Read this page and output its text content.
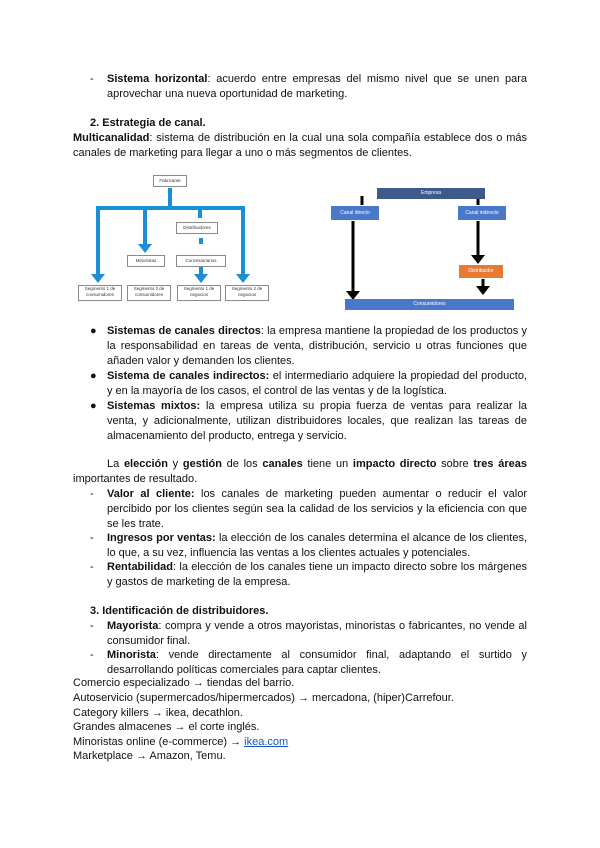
- Sistema horizontal: acuerdo entre empresas del mismo nivel que se unen para aprovechar una nueva oportunidad de marketing.
2. Estrategia de canal.
Multicanalidad: sistema de distribución en la cual una sola compañía establece dos o más canales de marketing para llegar a uno o más segmentos de clientes.
Fabricante
Distribuidores
Minoristas	Concesionarios
Segmento 1 de consumidores
Segmento 2 de consumidores
Segmento 1 de negocios
Segmento 2 de negocios
Empresa
Canal directo	Canal indirecto
Distribuidor
Consumidores
● Sistemas de canales directos: la empresa mantiene la propiedad de los productos y la responsabilidad en tareas de venta, distribución, servicio u otras funciones que añaden valor y demanden los clientes.
● Sistema de canales indirectos: el intermediario adquiere la propiedad del producto, y en la mayoría de los casos, el control de las ventas y de la logística.
● Sistemas mixtos: la empresa utiliza su propia fuerza de ventas para realizar la venta, y adicionalmente, utilizan distribuidores locales, que realizan las tareas de almacenamiento del producto, entrega y servicio.
La elección y gestión de los canales tiene un impacto directo sobre tres áreas importantes de resultado.
- Valor al cliente: los canales de marketing pueden aumentar o reducir el valor percibido por los clientes según sea la calidad de los servicios y la eficiencia con que se les trate.
- Ingresos por ventas: la elección de los canales determina el alcance de los clientes, lo que, a su vez, influencia las ventas a los clientes actuales y potenciales.
- Rentabilidad: la elección de los canales tiene un impacto directo sobre los márgenes y gastos de marketing de la empresa.
3. Identificación de distribuidores.
- Mayorista: compra y vende a otros mayoristas, minoristas o fabricantes, no vende al consumidor final.
- Minorista: vende directamente al consumidor final, adaptando el surtido y desarrollando políticas comerciales para captar clientes.
Comercio especializado → tiendas del barrio.
Autoservicio (supermercados/hipermercados) → mercadona, (hiper)Carrefour.
Category killers → ikea, decathlon.
Grandes almacenes → el corte inglés.
Minoristas online (e-commerce) → ikea.com
Marketplace → Amazon, Temu.
